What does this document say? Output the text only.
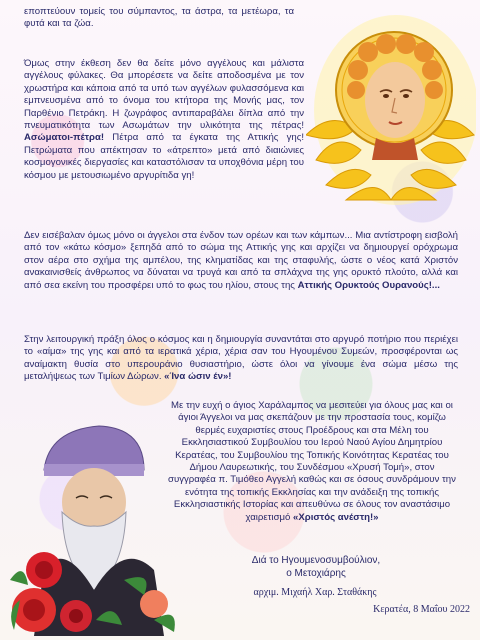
εποπτεύουν τομείς του σύμπαντος, τα άστρα, τα μετέωρα, τα φυτά και τα ζώα.

Όμως στην έκθεση δεν θα δείτε μόνο αγγέλους και μάλιστα αγγέλους φύλακες. Θα μπορέσετε να δείτε αποδοσμένα με τον χρωστήρα και κάποια από τα υπό των αγγέλων φυλασσόμενα και εμπνευσμένα από το όνομα του κτήτορα της Μονής μας, τον Παρθένιο Πετράκη. Η ζωγράφος αντιπαραβάλει δίπλα από την πνευματικότητα των Ασωμάτων την υλικότητα της πέτρας! Ασώματοι-πέτρα! Πέτρα από τα έγκατα της Αττικής γης! Πετρώματα που απέκτησαν το «άτρεπτο» μετά από διαιώνιες κοσμογονικές διεργασίες και καταστόλισαν τα υποχθόνια μέρη του κόσμου με μετουσιωμένο αργυρίτιδα γη!

Δεν εισέβαλαν όμως μόνο οι άγγελοι στα ένδον των ορέων και των κάμπων... Μια αντίστροφη εισβολή από τον «κάτω κόσμο» ξεπηδά από το σώμα της Αττικής γης και αρχίζει να δημιουργεί ορόχρωμα στον αέρα στο σχήμα της αμπέλου, της κληματίδας και της σταφυλής, ώστε ο νέος κατά Χριστόν ανακαινισθείς άνθρωπος να δύναται να τρυγά και από τα σπλάχνα της γης ορυκτό πλούτο, αλλά και από σεα εκείνη του προσφέρει υπό το φως του ηλίου, στους της Αττικής Ορυκτούς Ουρανούς!...

Στην λειτουργική πράξη όλος ο κόσμος και η δημιουργία συναντάται στο αργυρό ποτήριο που περιέχει το «αίμα» της γης και από τα ιερατικά χέρια, χέρια σαν του Ηγουμένου Συμεών, προσφέρονται ως αναίμακτη θυσία στο υπερουράνιο θυσιαστήριο, ώστε όλοι να γίνουμε ένα σώμα μέσω της μεταλήψεως των Τιμίων Δώρων. «Ίνα ώσιν έν»!

Με την ευχή ο άγιος Χαράλαμπος να μεσιτεύει για όλους μας και οι άγιοι Άγγελοι να μας σκεπάζουν με την προστασία τους, κομίζω θερμές ευχαριστίες στους Προέδρους και στα Μέλη του Εκκλησιαστικού Συμβουλίου του Ιερού Ναού Αγίου Δημητρίου Κερατέας, του Συμβουλίου της Τοπικής Κοινότητας Κερατέας του Δήμου Λαυρεωτικής, του Συνδέσμου «Χρυσή Τομή», στον συγγραφέα π. Τιμόθεο Αγγελή καθώς και σε όσους συνδράμουν την ενότητα της τοπικής Εκκλησίας και την ανάδειξη της τοπικής Εκκλησιαστικής Ιστορίας και απευθύνω σε όλους τον αναστάσιμο χαιρετισμό «Χριστός ανέστη!»

Διά το Ηγουμενοσυμβούλιον,
ο Μετοχιάρης
αρχιμ. Μιχαήλ Χαρ. Σταθάκης
Κερατέα, 8 Μαΐου 2022
